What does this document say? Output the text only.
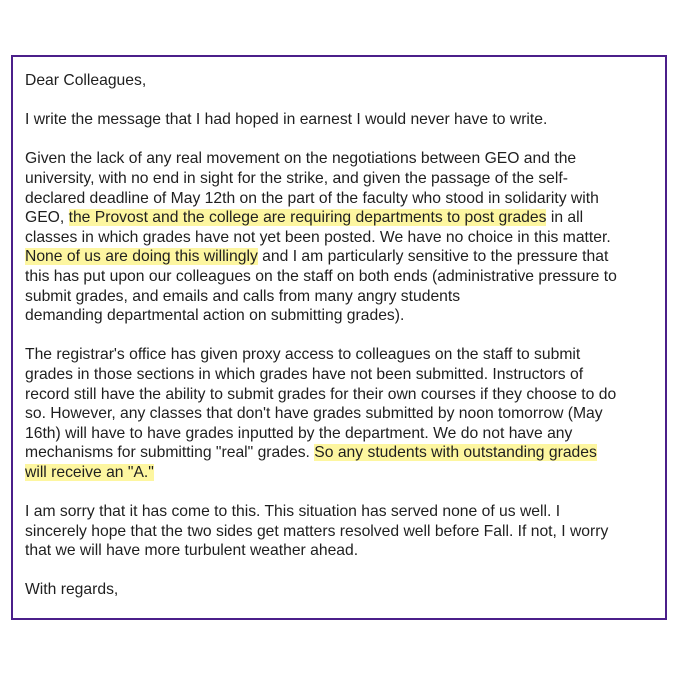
Dear Colleagues,

I write the message that I had hoped in earnest I would never have to write.

Given the lack of any real movement on the negotiations between GEO and the
university, with no end in sight for the strike, and given the passage of the self-
declared deadline of May 12th on the part of the faculty who stood in solidarity with
GEO, the Provost and the college are requiring departments to post grades in all
classes in which grades have not yet been posted. We have no choice in this matter.
None of us are doing this willingly and I am particularly sensitive to the pressure that
this has put upon our colleagues on the staff on both ends (administrative pressure to
submit grades, and emails and calls from many angry students
demanding departmental action on submitting grades).

The registrar's office has given proxy access to colleagues on the staff to submit
grades in those sections in which grades have not been submitted. Instructors of
record still have the ability to submit grades for their own courses if they choose to do
so. However, any classes that don't have grades submitted by noon tomorrow (May
16th) will have to have grades inputted by the department. We do not have any
mechanisms for submitting "real" grades. So any students with outstanding grades
will receive an "A."

I am sorry that it has come to this. This situation has served none of us well. I
sincerely hope that the two sides get matters resolved well before Fall. If not, I worry
that we will have more turbulent weather ahead.

With regards,
